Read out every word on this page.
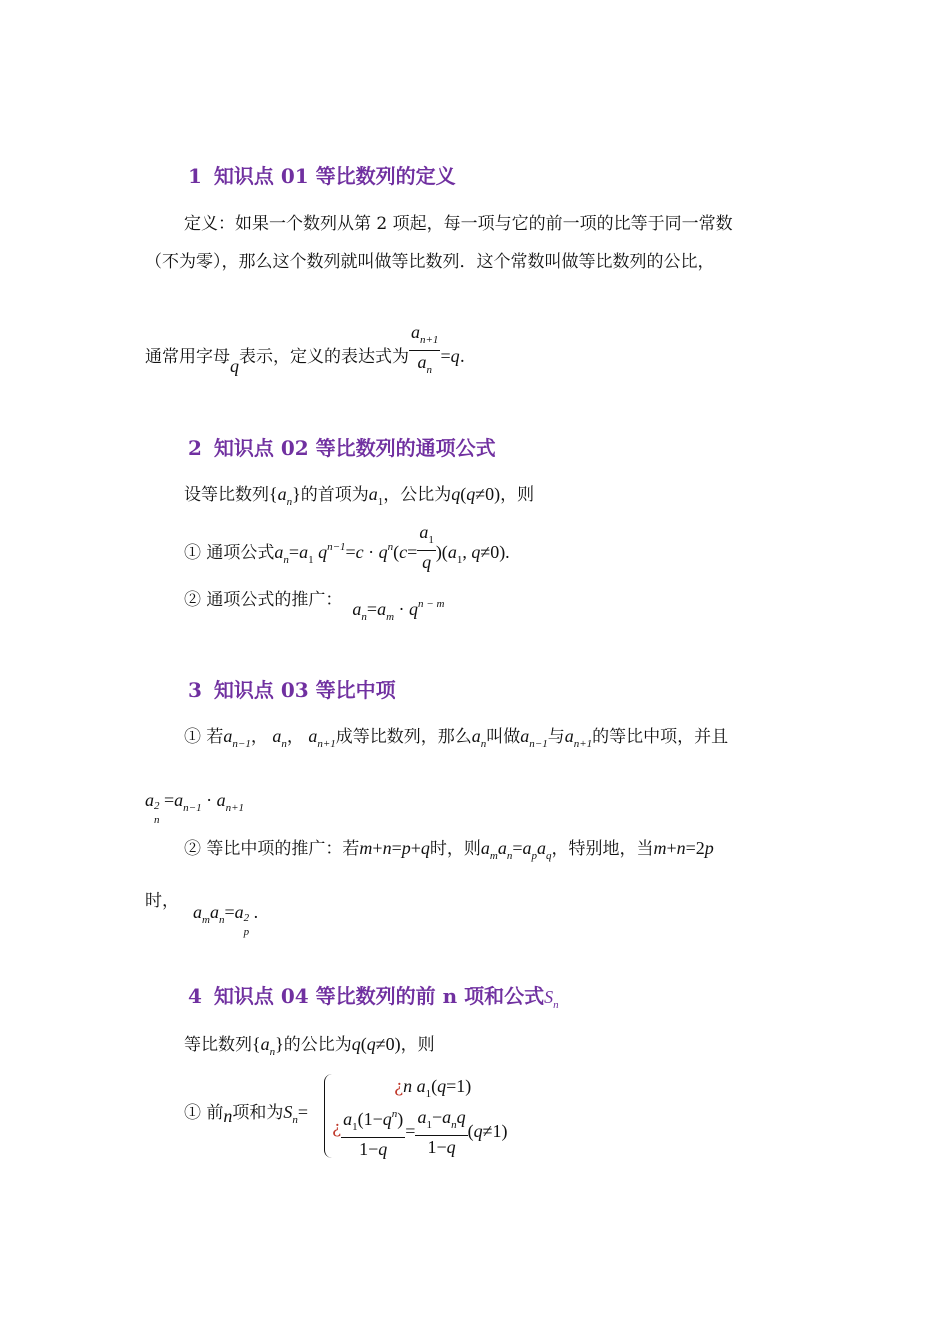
1 知识点 01 等比数列的定义
定义：如果一个数列从第 2 项起，每一项与它的前一项的比等于同一常数
（不为零），那么这个数列就叫做等比数列．这个常数叫做等比数列的公比，
通常用字母q表示，定义的表达式为 $\frac{a_{n+1}}{a_n} =q$.
2 知识点 02 等比数列的通项公式
设等比数列$\{a_n\}$的首项为$a_1$，公比为q(q≠0)，则
① 通项公式$a_n=a_1$ $q^{n-1}=c \cdot q^n(c= \frac{a_1}{q} )(a_1$, q≠0).
② 通项公式的推广： $a_n=a_m \cdot q^{n - m}$
3 知识点 03 等比中项
① 若$a_{n-1}$， $a_n$， $a_{n+1}$成等比数列，那么$a_n$叫做$a_{n-1}$与$a_{n+1}$的等比中项，并且
a 2
n
$=a_{n-1} \cdot a_{n+1}$
② 等比中项的推广：若m+n=p+q时，则$a_ma_n=a_pa_q$，特别地，当m+n=2p
时，$a_ma_n=a$ 2
p
.
4 知识点 04 等比数列的前 n 项和公式$S_n$
等比数列$\{a_n\}$的公比为q(q≠0)，则
① 前n项和为$S_n=$
¿n $a_1(q=1)$
¿ $\frac{a_1(1-q^n)}{1-q} = \frac{a_1-a_nq}{1-q} (q\ne 1)$
